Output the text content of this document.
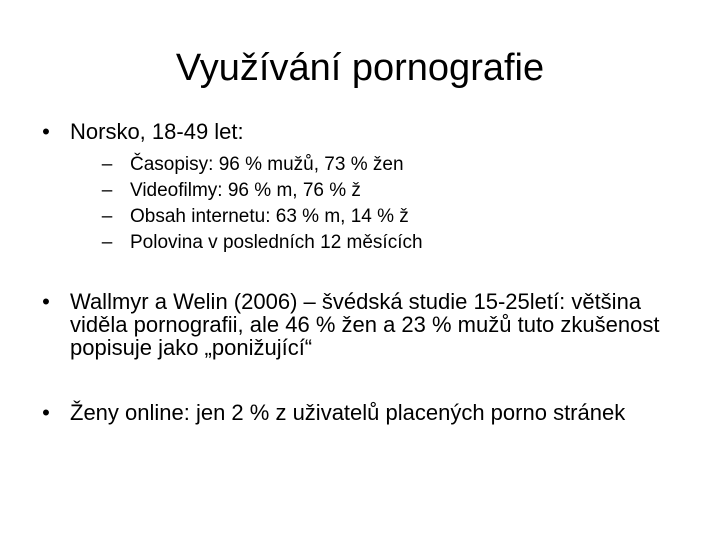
Využívání pornografie
• Norsko, 18-49 let:
– Časopisy: 96 % mužů, 73 % žen
– Videofilmy: 96 % m, 76 % ž
– Obsah internetu: 63 % m, 14 % ž
– Polovina v posledních 12 měsících
• Wallmyr a Welin (2006) – švédská studie 15-25letí: většina viděla pornografii, ale 46 % žen a 23 % mužů tuto zkušenost popisuje jako „ponižující“
• Ženy online: jen 2 % z uživatelů placených porno stránek
